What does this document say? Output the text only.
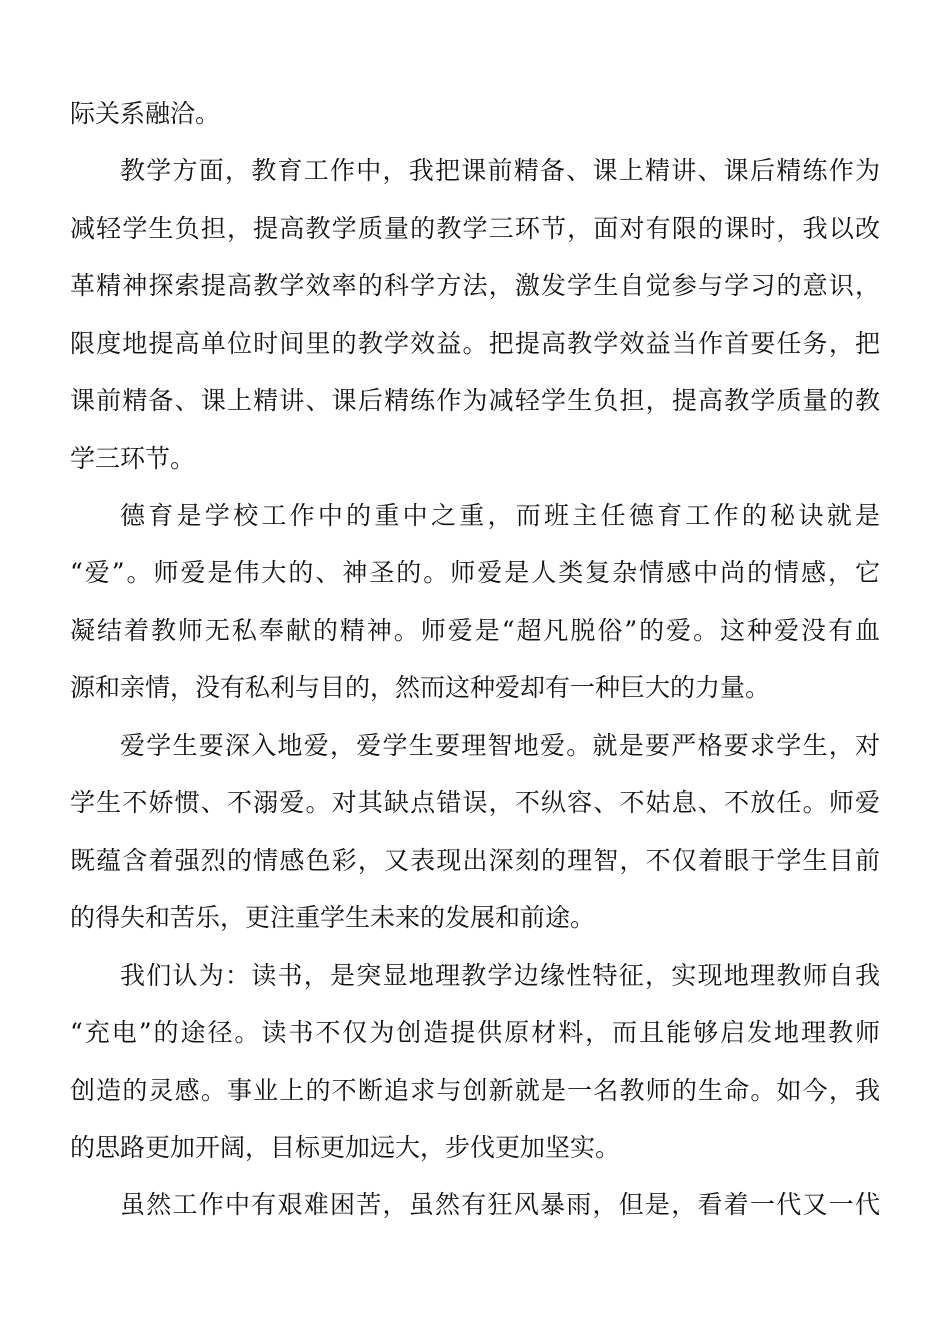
际关系融洽。
教学方面，教育工作中，我把课前精备、课上精讲、课后精练作为
减轻学生负担，提高教学质量的教学三环节，面对有限的课时，我以改
革精神探索提高教学效率的科学方法，激发学生自觉参与学习的意识，
限度地提高单位时间里的教学效益。把提高教学效益当作首要任务，把
课前精备、课上精讲、课后精练作为减轻学生负担，提高教学质量的教
学三环节。
德育是学校工作中的重中之重，而班主任德育工作的秘诀就是
“爱”。师爱是伟大的、神圣的。师爱是人类复杂情感中尚的情感，它
凝结着教师无私奉献的精神。师爱是“超凡脱俗”的爱。这种爱没有血
源和亲情，没有私利与目的，然而这种爱却有一种巨大的力量。
爱学生要深入地爱，爱学生要理智地爱。就是要严格要求学生，对
学生不娇惯、不溺爱。对其缺点错误，不纵容、不姑息、不放任。师爱
既蕴含着强烈的情感色彩，又表现出深刻的理智，不仅着眼于学生目前
的得失和苦乐，更注重学生未来的发展和前途。
我们认为：读书，是突显地理教学边缘性特征，实现地理教师自我
“充电”的途径。读书不仅为创造提供原材料，而且能够启发地理教师
创造的灵感。事业上的不断追求与创新就是一名教师的生命。如今，我
的思路更加开阔，目标更加远大，步伐更加坚实。
虽然工作中有艰难困苦，虽然有狂风暴雨，但是，看着一代又一代
